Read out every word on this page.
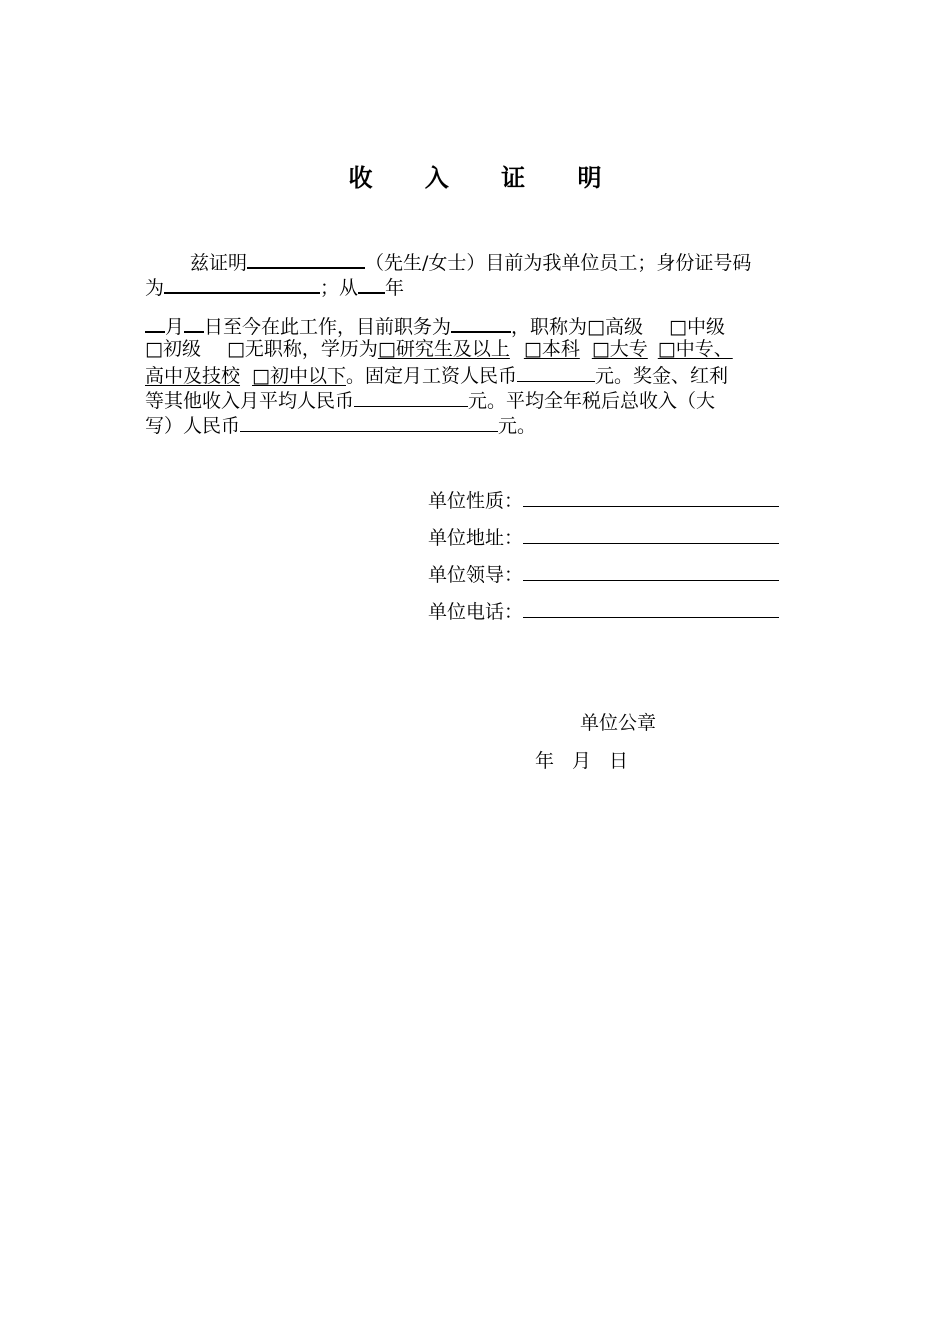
收 入 证 明
兹证明	（先生/女士）目前为我单位员工；身份证号码
为	；从 年
月 日至今在此工作，目前职务为	，职称为□高级 □中级
□初级 □无职称，学历为□研究生及以上 □本科 □大专 □中专、
高中及技校 □初中以下。固定月工资人民币	元。奖金、红利
等其他收入月平均人民币	元。平均全年税后总收入（大
写）人民币	元。
单位性质：
单位地址：
单位领导：
单位电话：
单位公章
年 月 日
